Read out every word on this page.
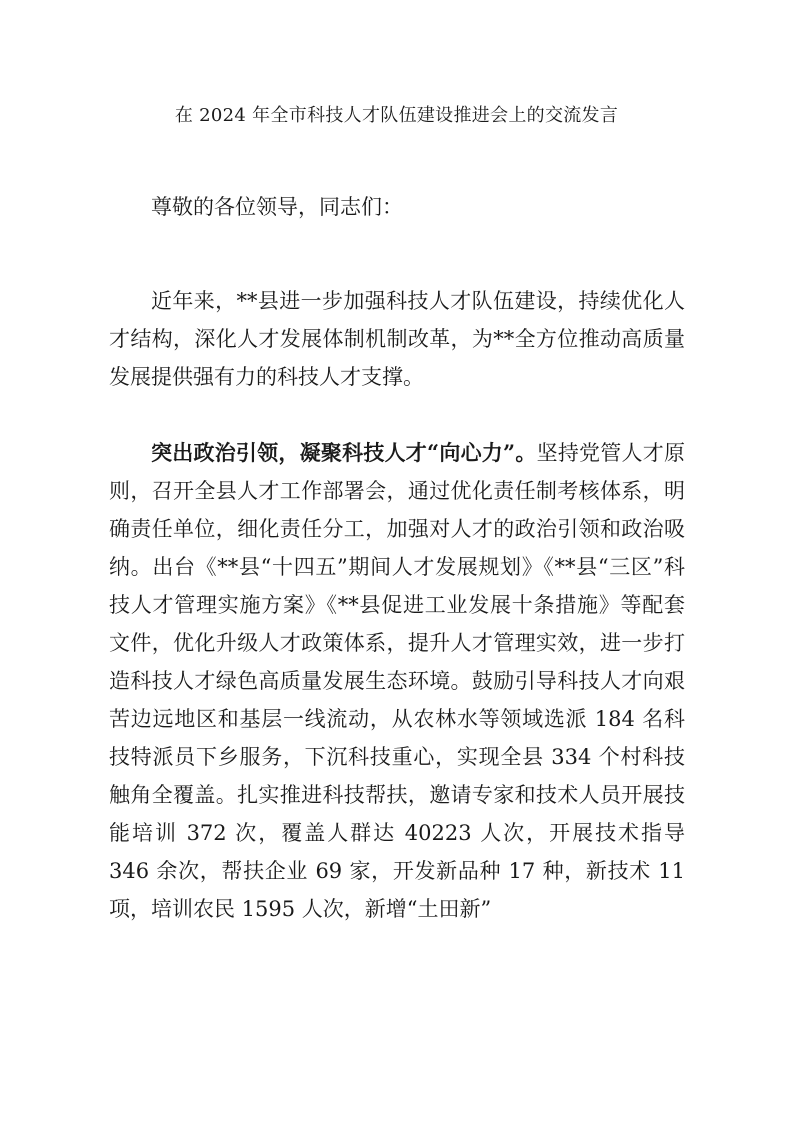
在 2024 年全市科技人才队伍建设推进会上的交流发言
尊敬的各位领导，同志们：
近年来，**县进一步加强科技人才队伍建设，持续优化人才结构，深化人才发展体制机制改革，为**全方位推动高质量发展提供强有力的科技人才支撑。
突出政治引领，凝聚科技人才“向心力”。坚持党管人才原则，召开全县人才工作部署会，通过优化责任制考核体系，明确责任单位，细化责任分工，加强对人才的政治引领和政治吸纳。出台《**县“十四五”期间人才发展规划》《**县“三区”科技人才管理实施方案》《**县促进工业发展十条措施》等配套文件，优化升级人才政策体系，提升人才管理实效，进一步打造科技人才绿色高质量发展生态环境。鼓励引导科技人才向艰苦边远地区和基层一线流动，从农林水等领域选派 184 名科技特派员下乡服务，下沉科技重心，实现全县 334 个村科技触角全覆盖。扎实推进科技帮扶，邀请专家和技术人员开展技能培训 372 次，覆盖人群达 40223 人次，开展技术指导 346 余次，帮扶企业 69 家，开发新品种 17 种，新技术 11 项，培训农民 1595 人次，新增“土田新”
